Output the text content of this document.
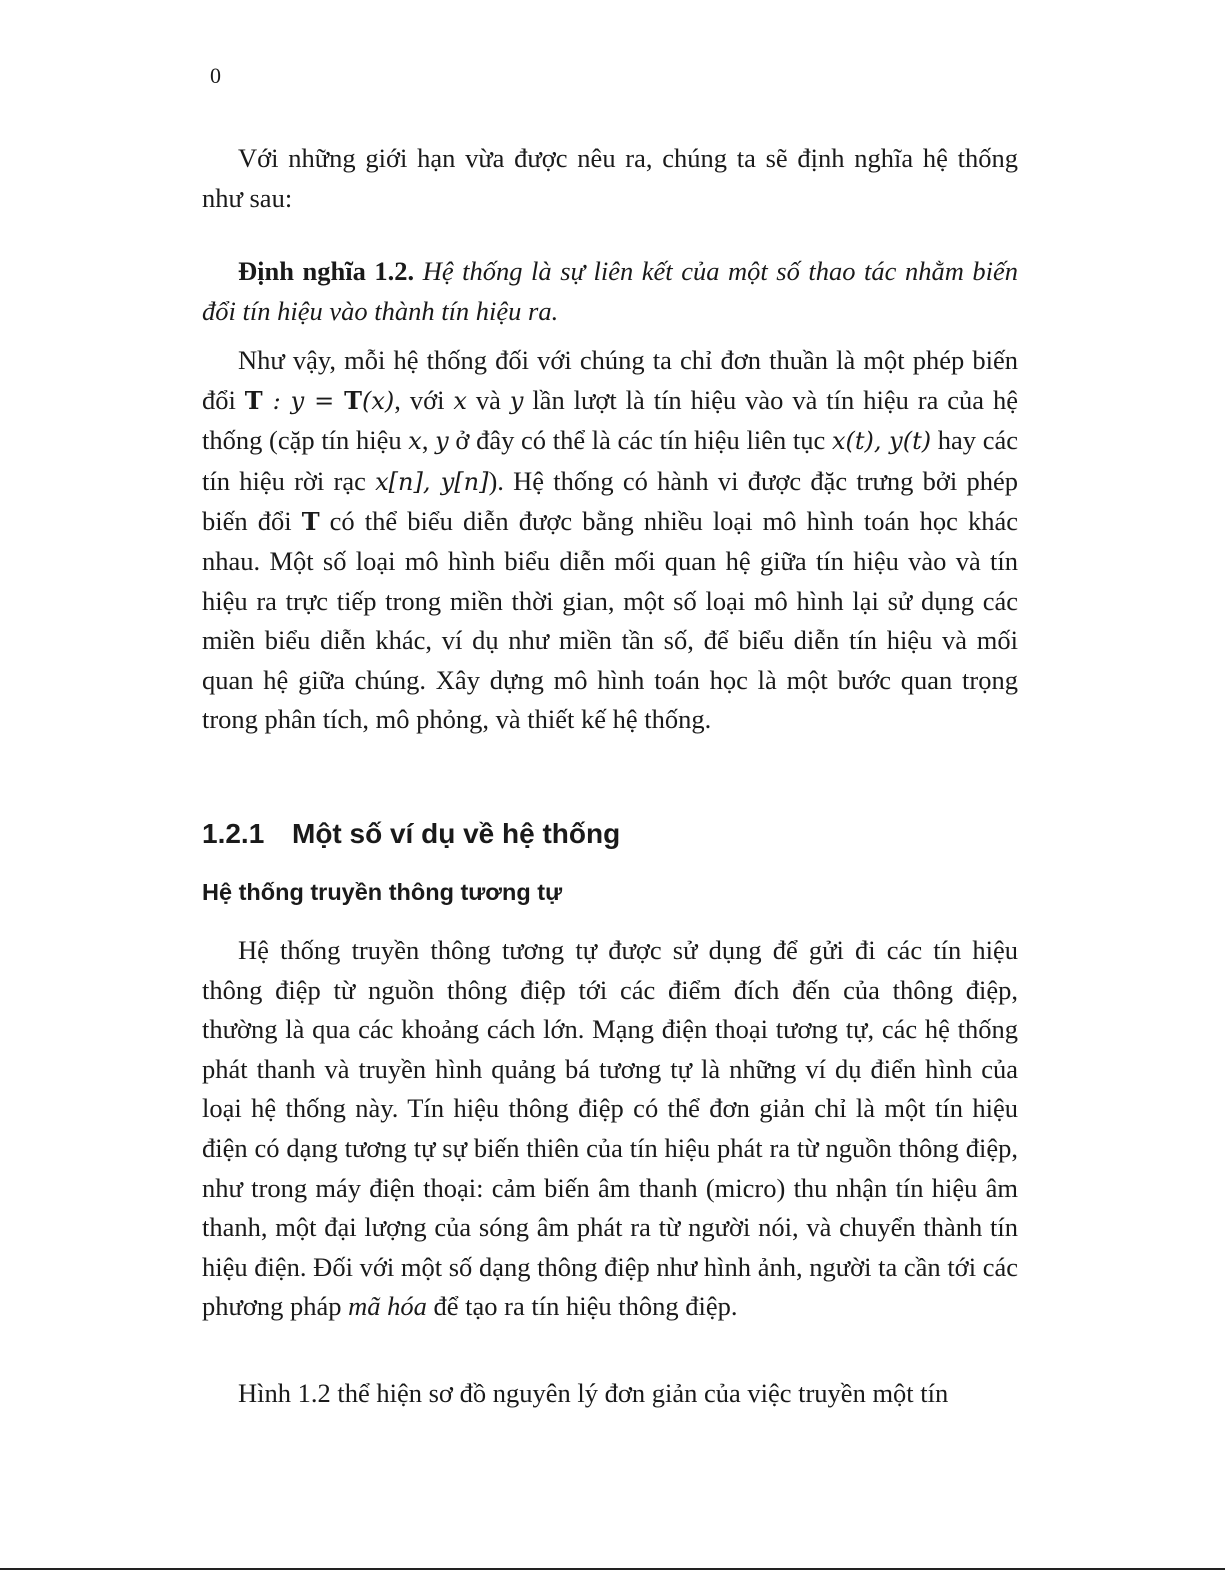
0

Với những giới hạn vừa được nêu ra, chúng ta sẽ định nghĩa hệ thống như sau:

Định nghĩa 1.2. Hệ thống là sự liên kết của một số thao tác nhằm biến đổi tín hiệu vào thành tín hiệu ra.

Như vậy, mỗi hệ thống đối với chúng ta chỉ đơn thuần là một phép biến đổi T : y = T(x), với x và y lần lượt là tín hiệu vào và tín hiệu ra của hệ thống (cặp tín hiệu x, y ở đây có thể là các tín hiệu liên tục x(t), y(t) hay các tín hiệu rời rạc x[n], y[n]). Hệ thống có hành vi được đặc trưng bởi phép biến đổi T có thể biểu diễn được bằng nhiều loại mô hình toán học khác nhau. Một số loại mô hình biểu diễn mối quan hệ giữa tín hiệu vào và tín hiệu ra trực tiếp trong miền thời gian, một số loại mô hình lại sử dụng các miền biểu diễn khác, ví dụ như miền tần số, để biểu diễn tín hiệu và mối quan hệ giữa chúng. Xây dựng mô hình toán học là một bước quan trọng trong phân tích, mô phỏng, và thiết kế hệ thống.

1.2.1 Một số ví dụ về hệ thống
Hệ thống truyền thông tương tự

Hệ thống truyền thông tương tự được sử dụng để gửi đi các tín hiệu thông điệp từ nguồn thông điệp tới các điểm đích đến của thông điệp, thường là qua các khoảng cách lớn. Mạng điện thoại tương tự, các hệ thống phát thanh và truyền hình quảng bá tương tự là những ví dụ điển hình của loại hệ thống này. Tín hiệu thông điệp có thể đơn giản chỉ là một tín hiệu điện có dạng tương tự sự biến thiên của tín hiệu phát ra từ nguồn thông điệp, như trong máy điện thoại: cảm biến âm thanh (micro) thu nhận tín hiệu âm thanh, một đại lượng của sóng âm phát ra từ người nói, và chuyển thành tín hiệu điện. Đối với một số dạng thông điệp như hình ảnh, người ta cần tới các phương pháp mã hóa để tạo ra tín hiệu thông điệp.

Hình 1.2 thể hiện sơ đồ nguyên lý đơn giản của việc truyền một tín
